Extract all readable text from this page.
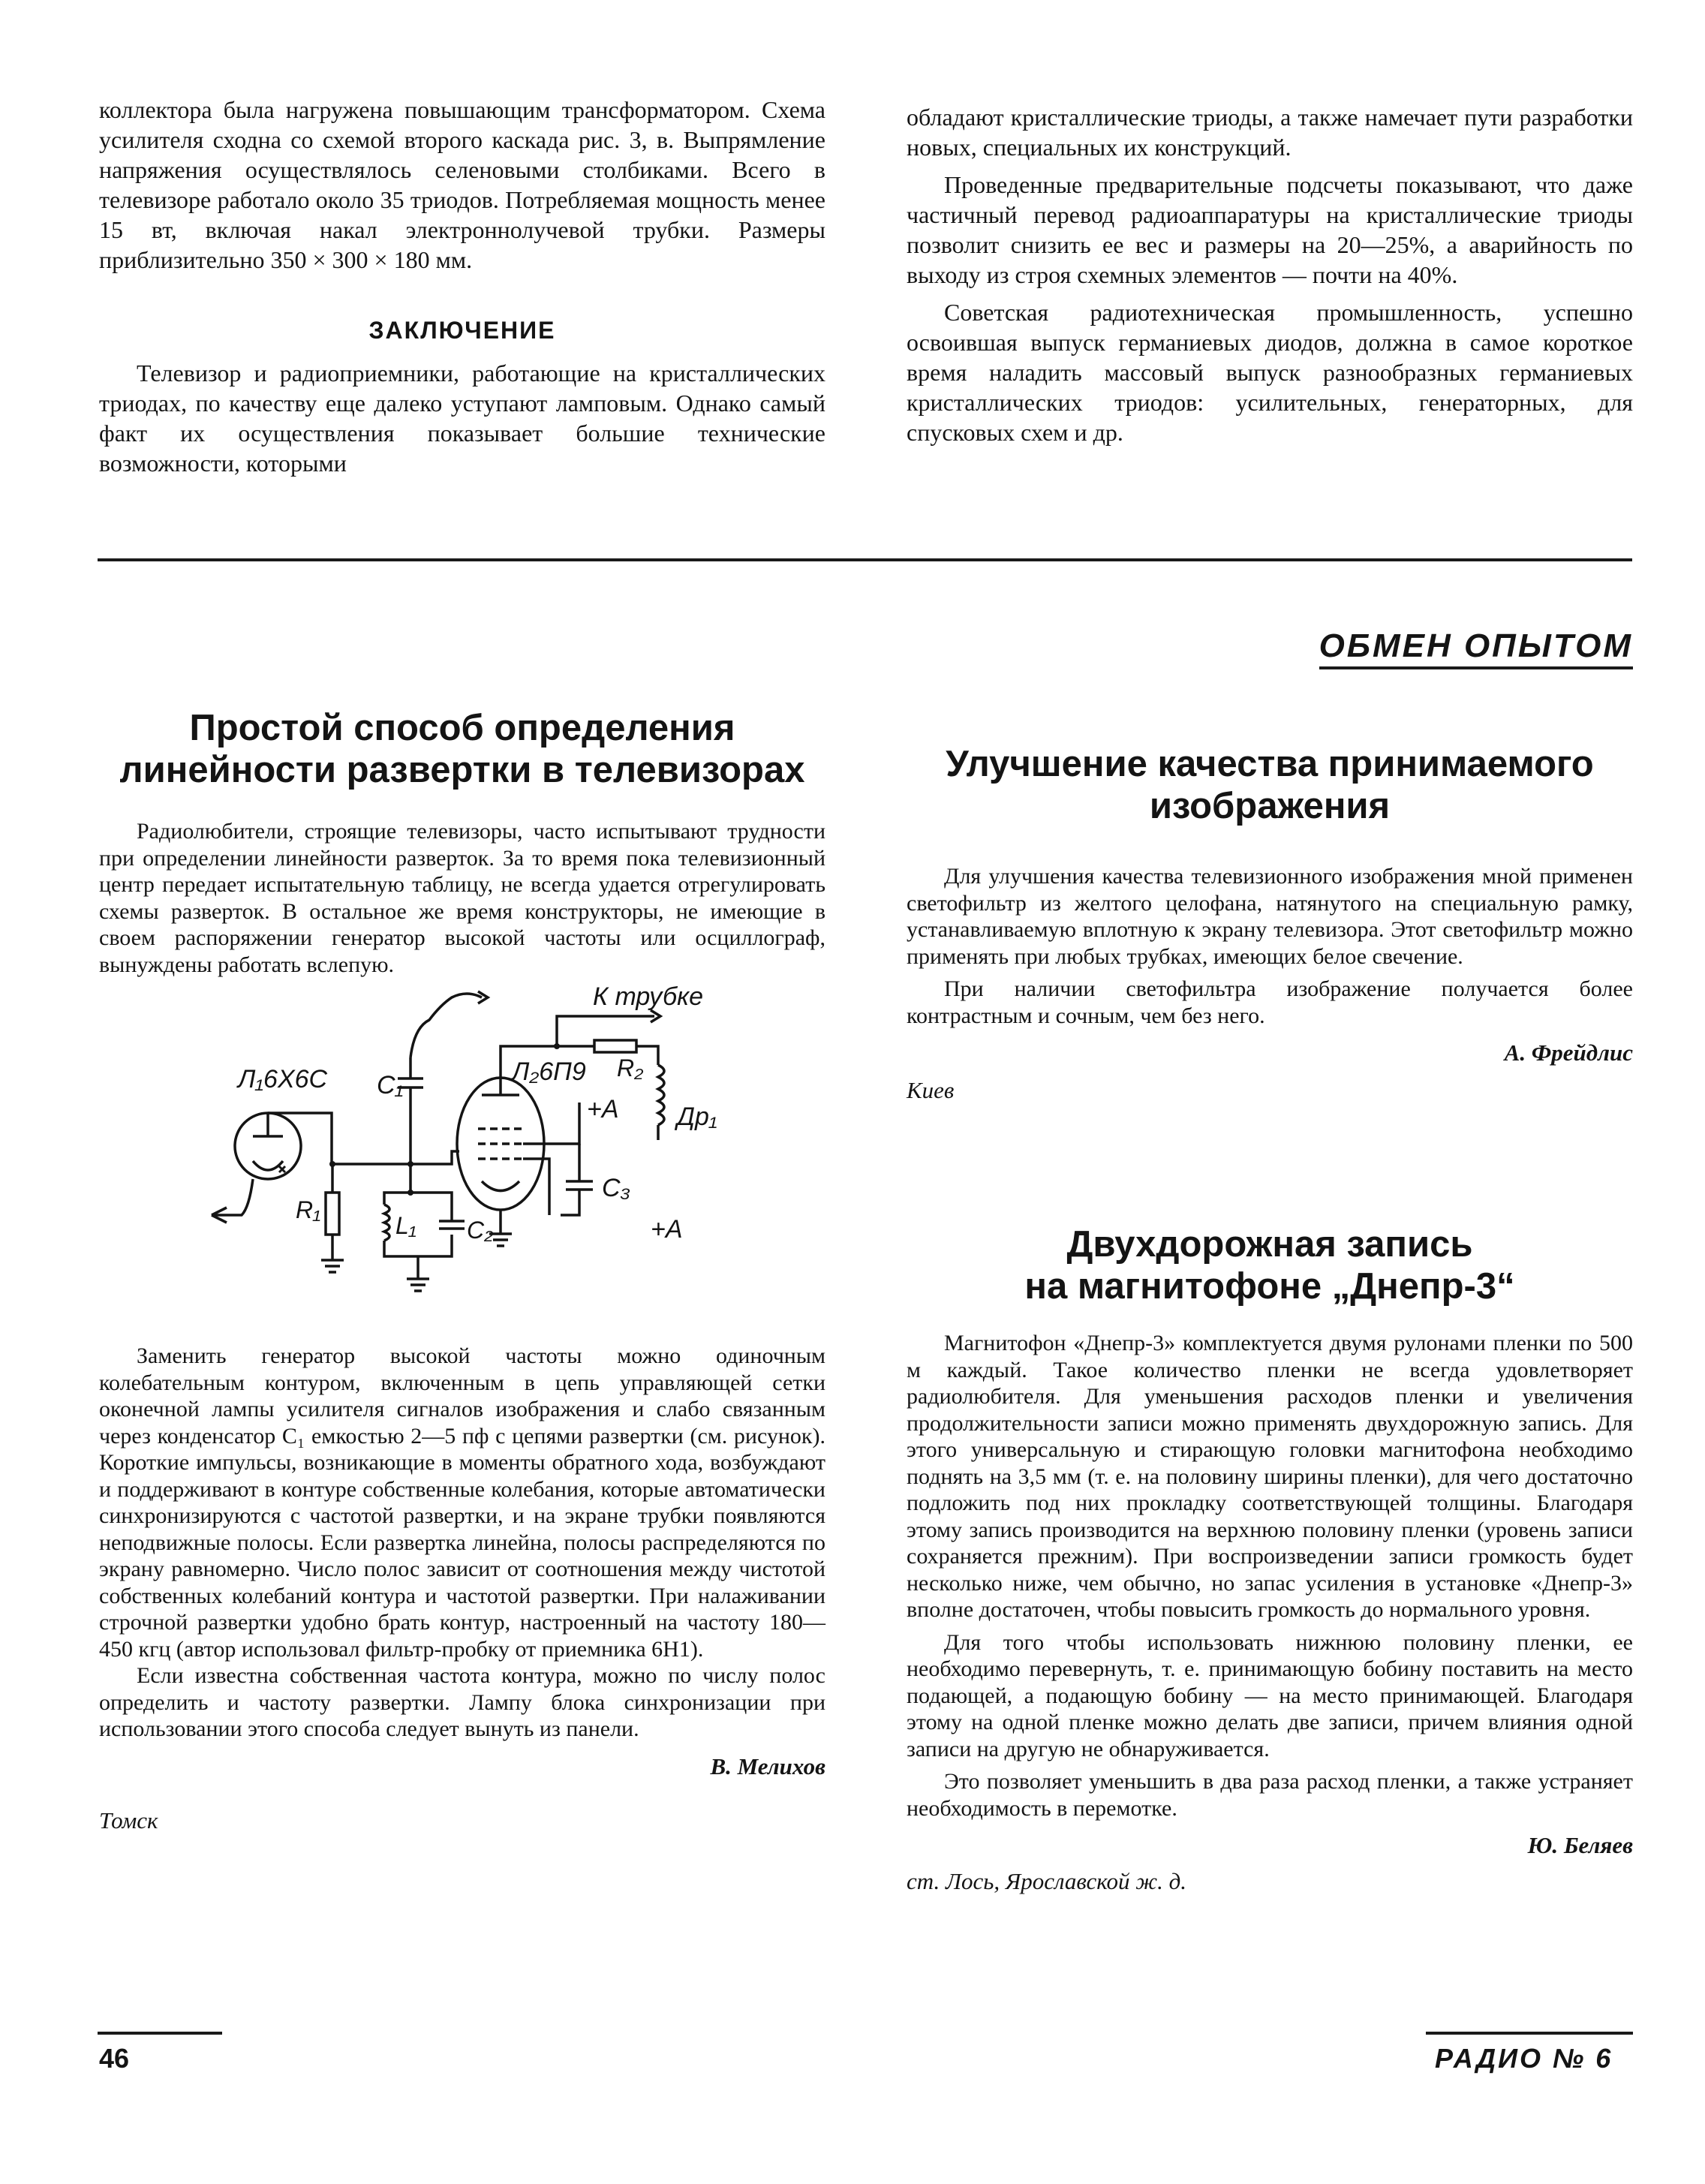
коллектора была нагружена повышающим трансформатором. Схема усилителя сходна со схемой второго каскада рис. 3, в. Выпрямление напряжения осуществлялось селеновыми столбиками. Всего в телевизоре работало около 35 триодов. Потребляемая мощность менее 15 вт, включая накал электроннолучевой трубки. Размеры приблизительно 350 × 300 × 180 мм.

ЗАКЛЮЧЕНИЕ

Телевизор и радиоприемники, работающие на кристаллических триодах, по качеству еще далеко уступают ламповым. Однако самый факт их осуществления показывает большие технические возможности, которыми

обладают кристаллические триоды, а также намечает пути разработки новых, специальных их конструкций.

Проведенные предварительные подсчеты показывают, что даже частичный перевод радиоаппаратуры на кристаллические триоды позволит снизить ее вес и размеры на 20—25%, а аварийность по выходу из строя схемных элементов — почти на 40%.

Советская радиотехническая промышленность, успешно освоившая выпуск германиевых диодов, должна в самое короткое время наладить массовый выпуск разнообразных германиевых кристаллических триодов: усилительных, генераторных, для спусковых схем и др.

ОБМЕН ОПЫТОМ
Простой способ определения
линейности развертки в телевизорах

Радиолюбители, строящие телевизоры, часто испытывают трудности при определении линейности разверток. За то время пока телевизионный центр передает испытательную таблицу, не всегда удается отрегулировать схемы разверток. В остальное же время конструкторы, не имеющие в своем распоряжении генератор высокой частоты или осциллограф, вынуждены работать вслепую.

Л₁6Х6С C₁	Л₂6П9 R₂
К трубке
+А Др₁
C₃
+А
R₁
L₁ C₂

Заменить генератор высокой частоты можно одиночным колебательным контуром, включенным в цепь управляющей сетки оконечной лампы усилителя сигналов изображения и слабо связанным через конденсатор C₁ емкостью 2—5 пф с цепями развертки (см. рисунок). Короткие импульсы, возникающие в моменты обратного хода, возбуждают и поддерживают в контуре собственные колебания, которые автоматически синхронизируются с частотой развертки, и на экране трубки появляются неподвижные полосы. Если развертка линейна, полосы распределяются по экрану равномерно. Число полос зависит от соотношения между чистотой собственных колебаний контура и частотой развертки. При налаживании строчной развертки удобно брать контур, настроенный на частоту 180—450 кгц (автор использовал фильтр-пробку от приемника 6Н1).

Если известна собственная частота контура, можно по числу полос определить и частоту развертки. Лампу блока синхронизации при использовании этого способа следует вынуть из панели.

В. Мелихов
Томск
Улучшение качества принимаемого
изображения

Для улучшения качества телевизионного изображения мной применен светофильтр из желтого целофана, натянутого на специальную рамку, устанавливаемую вплотную к экрану телевизора. Этот светофильтр можно применять при любых трубках, имеющих белое свечение.

При наличии светофильтра изображение получается более контрастным и сочным, чем без него.

А. Фрейдлис
Киев
Двухдорожная запись
на магнитофоне „Днепр-3“

Магнитофон «Днепр-3» комплектуется двумя рулонами пленки по 500 м каждый. Такое количество пленки не всегда удовлетворяет радиолюбителя. Для уменьшения расходов пленки и увеличения продолжительности записи можно применять двухдорожную запись. Для этого универсальную и стирающую головки магнитофона необходимо поднять на 3,5 мм (т. е. на половину ширины пленки), для чего достаточно подложить под них прокладку соответствующей толщины. Благодаря этому запись производится на верхнюю половину пленки (уровень записи сохраняется прежним). При воспроизведении записи громкость будет несколько ниже, чем обычно, но запас усиления в установке «Днепр-3» вполне достаточен, чтобы повысить громкость до нормального уровня.

Для того чтобы использовать нижнюю половину пленки, ее необходимо перевернуть, т. е. принимающую бобину поставить на место подающей, а подающую бобину — на место принимающей. Благодаря этому на одной пленке можно делать две записи, причем влияния одной записи на другую не обнаруживается.

Это позволяет уменьшить в два раза расход пленки, а также устраняет необходимость в перемотке.

Ю. Беляев
ст. Лось, Ярославской ж. д.
46	РАДИО № 6
